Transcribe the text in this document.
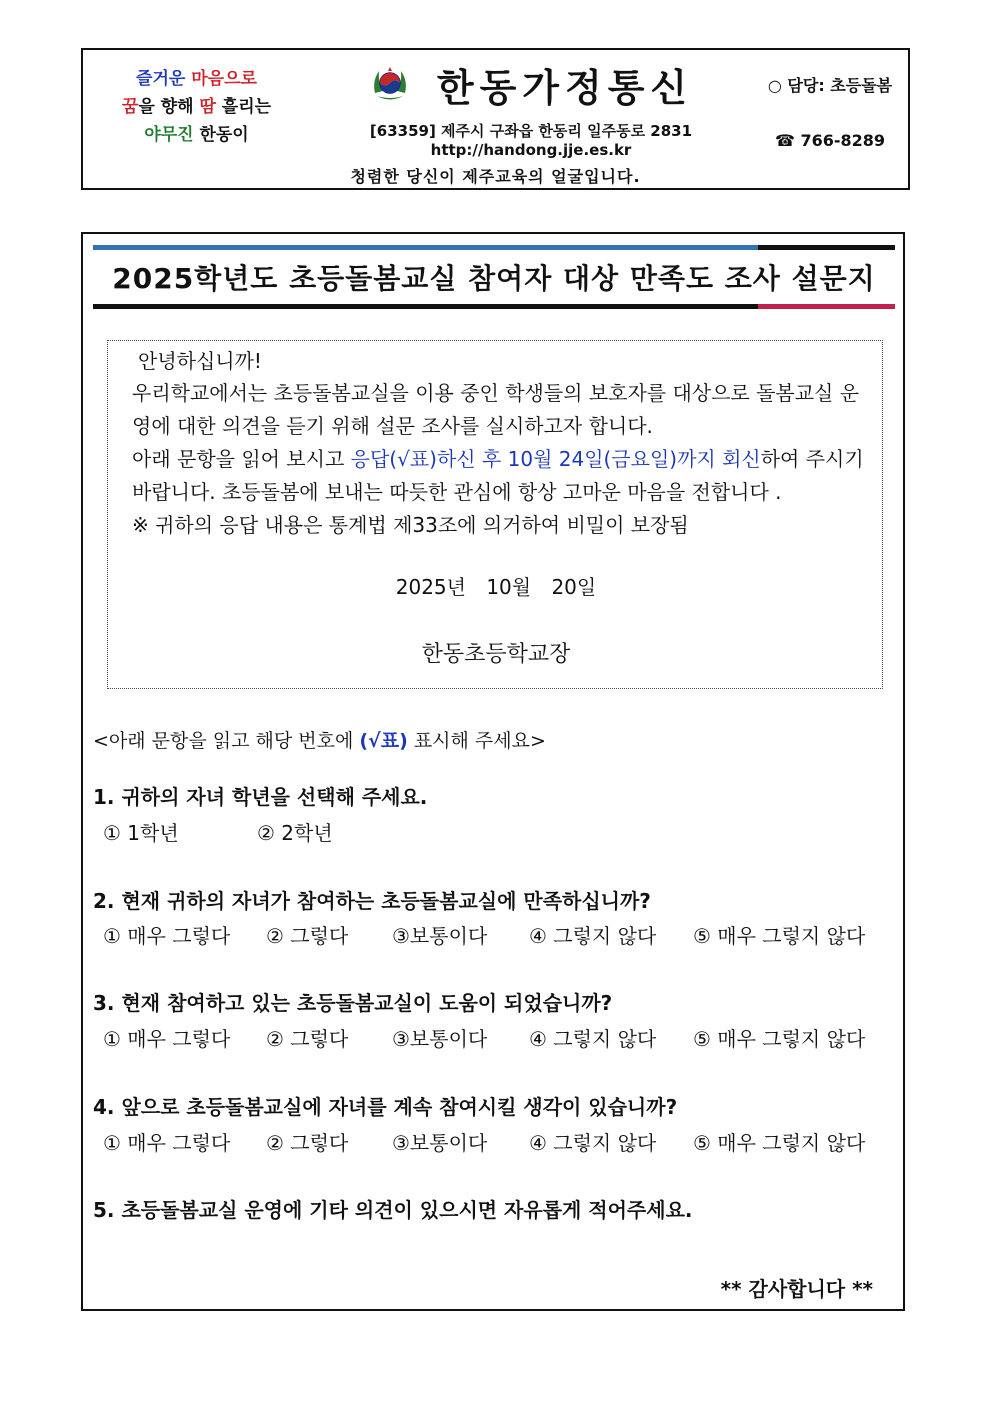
즐거운 마음으로
꿈을 향해 땀 흘리는
야무진 한동이
한동가정통신
[63359] 제주시 구좌읍 한동리 일주동로 2831
http://handong.jje.es.kr
○ 담당: 초등돌봄
☎ 766-8289
청렴한 당신이 제주교육의 얼굴입니다.
2025학년도 초등돌봄교실 참여자 대상 만족도 조사 설문지
안녕하십니까!
우리학교에서는 초등돌봄교실을 이용 중인 학생들의 보호자를 대상으로 돌봄교실 운영에 대한 의견을 듣기 위해 설문 조사를 실시하고자 합니다.
아래 문항을 읽어 보시고 응답(√표)하신 후 10월 24일(금요일)까지 회신하여 주시기 바랍니다. 초등돌봄에 보내는 따듯한 관심에 항상 고마운 마음을 전합니다 .
※ 귀하의 응답 내용은 통계법 제33조에 의거하여 비밀이 보장됨
2025년 10월 20일
한동초등학교장
<아래 문항을 읽고 해당 번호에 (√표) 표시해 주세요>
1. 귀하의 자녀 학년을 선택해 주세요.
① 1학년	② 2학년
2. 현재 귀하의 자녀가 참여하는 초등돌봄교실에 만족하십니까?
① 매우 그렇다	② 그렇다	③보통이다	④ 그렇지 않다	⑤ 매우 그렇지 않다
3. 현재 참여하고 있는 초등돌봄교실이 도움이 되었습니까?
① 매우 그렇다	② 그렇다	③보통이다	④ 그렇지 않다	⑤ 매우 그렇지 않다
4. 앞으로 초등돌봄교실에 자녀를 계속 참여시킬 생각이 있습니까?
① 매우 그렇다	② 그렇다	③보통이다	④ 그렇지 않다	⑤ 매우 그렇지 않다
5. 초등돌봄교실 운영에 기타 의견이 있으시면 자유롭게 적어주세요.
** 감사합니다 **
